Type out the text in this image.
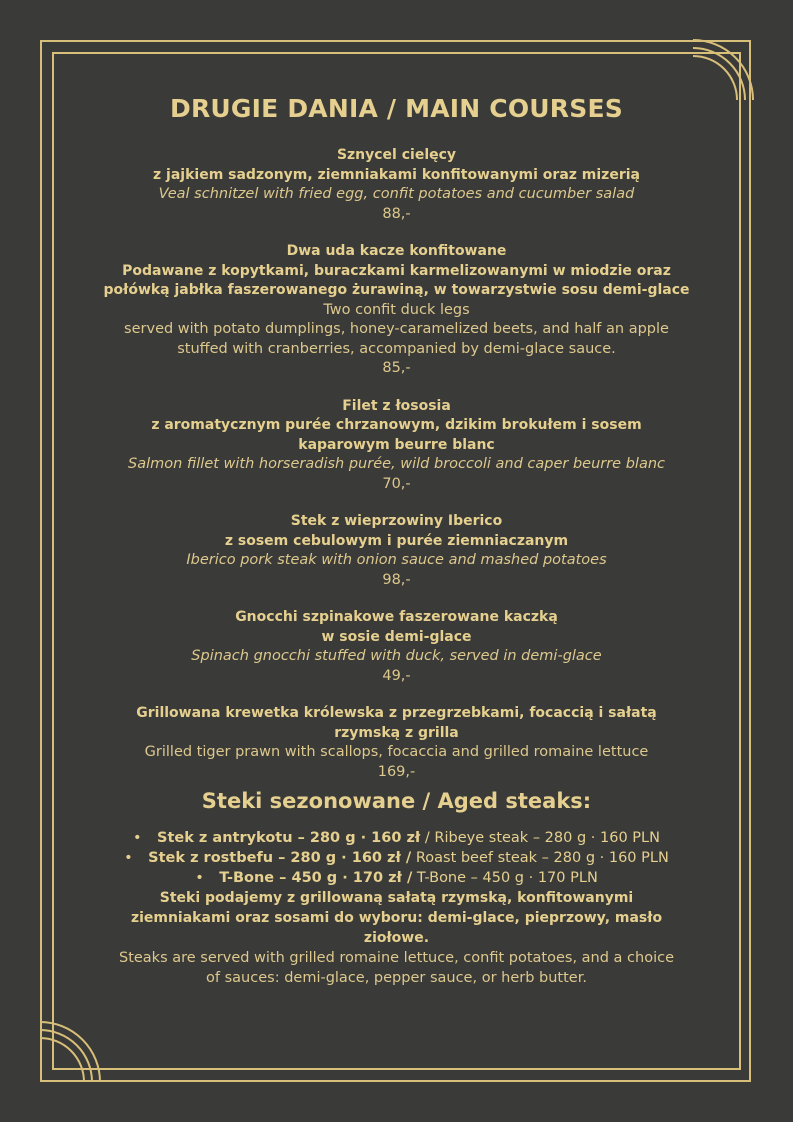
DRUGIE DANIA / MAIN COURSES

Sznycel cielęcy

z jajkiem sadzonym, ziemniakami konfitowanymi oraz mizerią

Veal schnitzel with fried egg, confit potatoes and cucumber salad

88,-

Dwa uda kacze konfitowane

Podawane z kopytkami, buraczkami karmelizowanymi w miodzie oraz

połówką jabłka faszerowanego żurawiną, w towarzystwie sosu demi-glace

Two confit duck legs

served with potato dumplings, honey-caramelized beets, and half an apple

stuffed with cranberries, accompanied by demi-glace sauce.

85,-

Filet z łososia

z aromatycznym purée chrzanowym, dzikim brokułem i sosem

kaparowym beurre blanc

Salmon fillet with horseradish purée, wild broccoli and caper beurre blanc

70,-

Stek z wieprzowiny Iberico

z sosem cebulowym i purée ziemniaczanym

Iberico pork steak with onion sauce and mashed potatoes

98,-

Gnocchi szpinakowe faszerowane kaczką

w sosie demi-glace

Spinach gnocchi stuffed with duck, served in demi-glace

49,-

Grillowana krewetka królewska z przegrzebkami, focaccią i sałatą

rzymską z grilla

Grilled tiger prawn with scallops, focaccia and grilled romaine lettuce

169,-

Steki sezonowane / Aged steaks:
• Stek z antrykotu – 280 g · 160 zł / Ribeye steak – 280 g · 160 PLN
• Stek z rostbefu – 280 g · 160 zł / Roast beef steak – 280 g · 160 PLN
• T-Bone – 450 g · 170 zł / T-Bone – 450 g · 170 PLN

Steki podajemy z grillowaną sałatą rzymską, konfitowanymi

ziemniakami oraz sosami do wyboru: demi-glace, pieprzowy, masło

ziołowe.

Steaks are served with grilled romaine lettuce, confit potatoes, and a choice

of sauces: demi-glace, pepper sauce, or herb butter.
